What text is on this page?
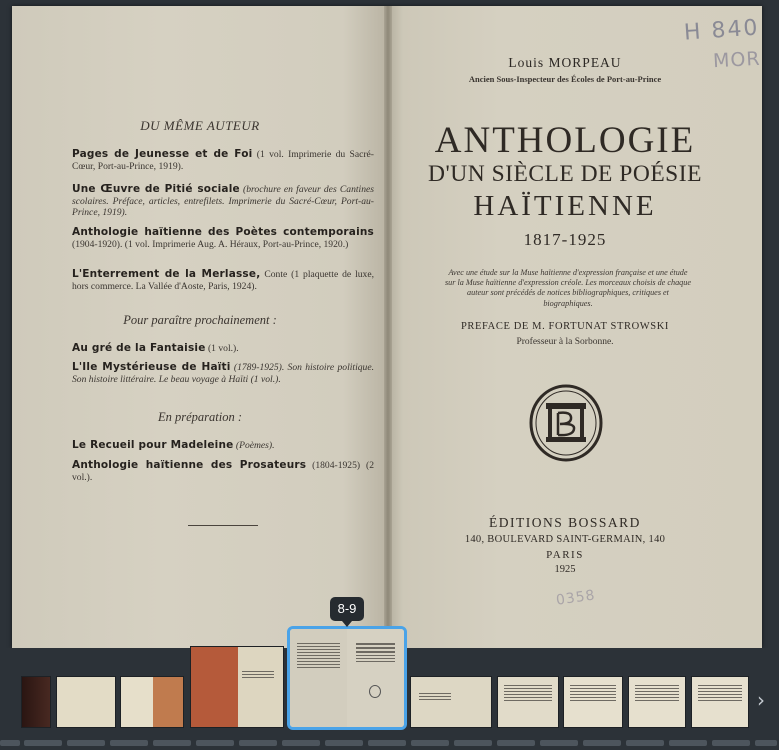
DU MÊME AUTEUR
Pages de Jeunesse et de Foi (1 vol. Imprimerie du Sacré-Cœur, Port-au-Prince, 1919).
Une Œuvre de Pitié sociale (brochure en faveur des Cantines scolaires. Préface, articles, entrefilets. Imprimerie du Sacré-Cœur, Port-au-Prince, 1919).
Anthologie haïtienne des Poètes contemporains (1904-1920). (1 vol. Imprimerie Aug. A. Héraux, Port-au-Prince, 1920.)
L'Enterrement de la Merlasse, Conte (1 plaquette de luxe, hors commerce. La Vallée d'Aoste, Paris, 1924).
Pour paraître prochainement :
Au gré de la Fantaisie (1 vol.).
L'Ile Mystérieuse de Haïti (1789-1925). Son histoire politique. Son histoire littéraire. Le beau voyage à Haïti (1 vol.).
En préparation :
Le Recueil pour Madeleine (Poèmes).
Anthologie haïtienne des Prosateurs (1804-1925) (2 vol.).
H 840
MOR
Louis MORPEAU
Ancien Sous-Inspecteur des Écoles de Port-au-Prince
ANTHOLOGIE
D'UN SIÈCLE DE POÉSIE
HAÏTIENNE
1817-1925
Avec une étude sur la Muse haïtienne d'expression française et une étude sur la Muse haïtienne d'expression créole. Les morceaux choisis de chaque auteur sont précédés de notices bibliographiques, critiques et biographiques.
PREFACE DE M. FORTUNAT STROWSKI
Professeur à la Sorbonne.
ÉDITIONS BOSSARD
140, BOULEVARD SAINT-GERMAIN, 140
PARIS
1925
0358
8-9
›
